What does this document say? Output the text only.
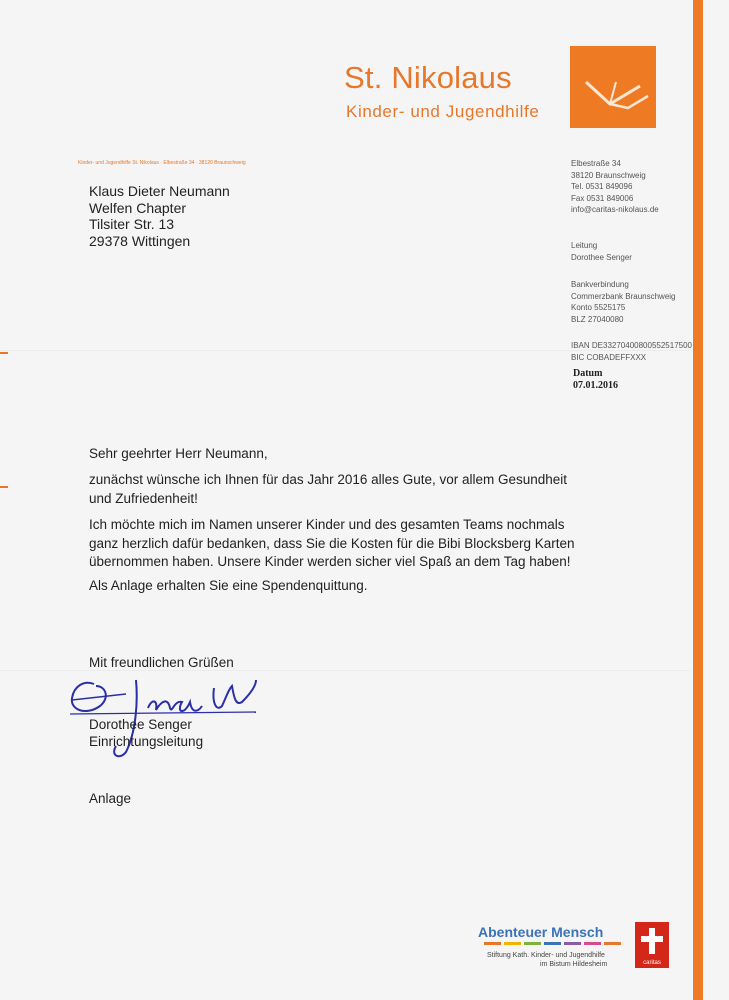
St. Nikolaus
Kinder- und Jugendhilfe
Kinder- und Jugendhilfe St. Nikolaus · Elbestraße 34 · 38120 Braunschweig
Klaus Dieter Neumann
Welfen Chapter
Tilsiter Str. 13
29378 Wittingen
Elbestraße 34
38120 Braunschweig
Tel. 0531 849096
Fax 0531 849006
info@caritas-nikolaus.de
Leitung
Dorothee Senger
Bankverbindung
Commerzbank Braunschweig
Konto 5525175
BLZ 27040080
IBAN DE33270400800552517500
BIC COBADEFFXXX
Datum
07.01.2016

Sehr geehrter Herr Neumann,

zunächst wünsche ich Ihnen für das Jahr 2016 alles Gute, vor allem Gesundheit

und Zufriedenheit!

Ich möchte mich im Namen unserer Kinder und des gesamten Teams nochmals

ganz herzlich dafür bedanken, dass Sie die Kosten für die Bibi Blocksberg Karten

übernommen haben. Unsere Kinder werden sicher viel Spaß an dem Tag haben!

Als Anlage erhalten Sie eine Spendenquittung.

Mit freundlichen Grüßen

Dorothee Senger
Einrichtungsleitung
Anlage
Abenteuer Mensch
Stiftung Kath. Kinder- und Jugendhilfe
im Bistum Hildesheim	caritas
